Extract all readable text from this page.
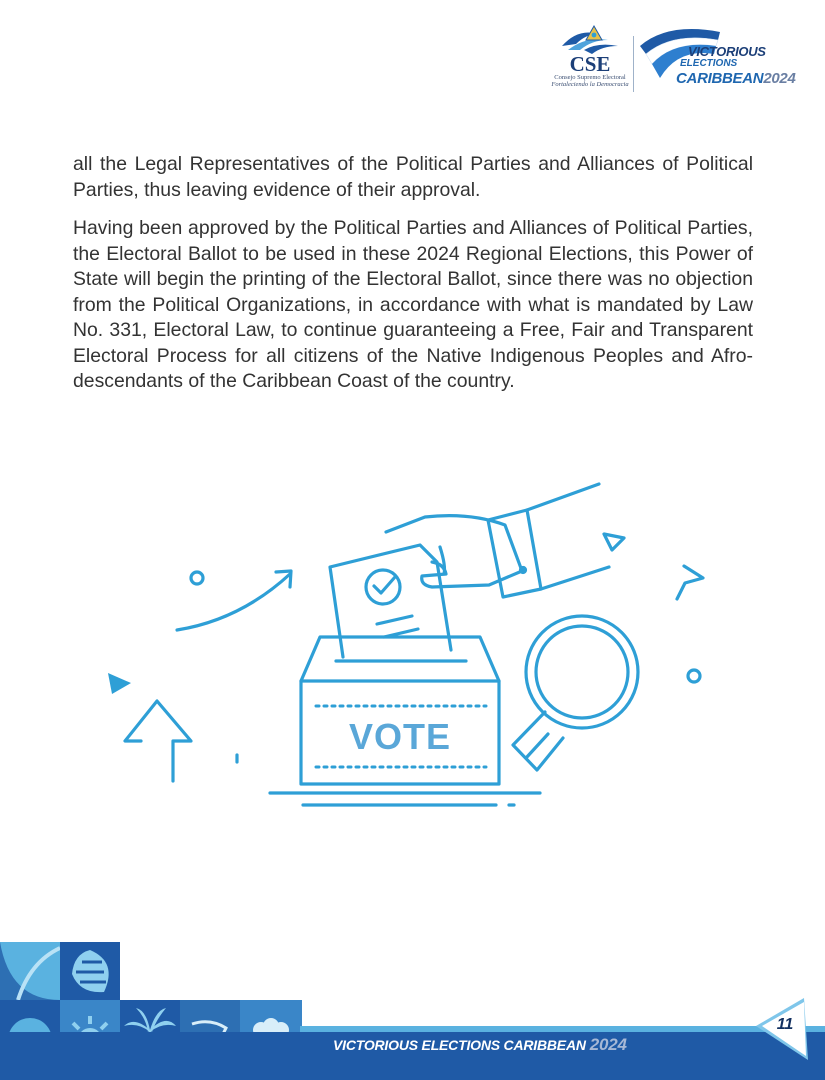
CSE
Consejo Supremo Electoral
Fortaleciendo la Democracia
VICTORIOUS
ELECTIONS
CARIBBEAN2024

all the Legal Representatives of the Political Parties and Alliances of Political Parties, thus leaving evidence of their approval.

Having been approved by the Political Parties and Alliances of Political Parties, the Electoral Ballot to be used in these 2024 Regional Elections, this Power of State will begin the printing of the Electoral Ballot, since there was no objection from the Political Organizations, in accordance with what is mandated by Law No. 331, Electoral Law, to continue guaranteeing a Free, Fair and Transparent Electoral Process for all citizens of the Native Indigenous Peoples and Afro-descendants of the Caribbean Coast of the country.

VOTE
VICTORIOUS ELECTIONS CARIBBEAN 2024
11
